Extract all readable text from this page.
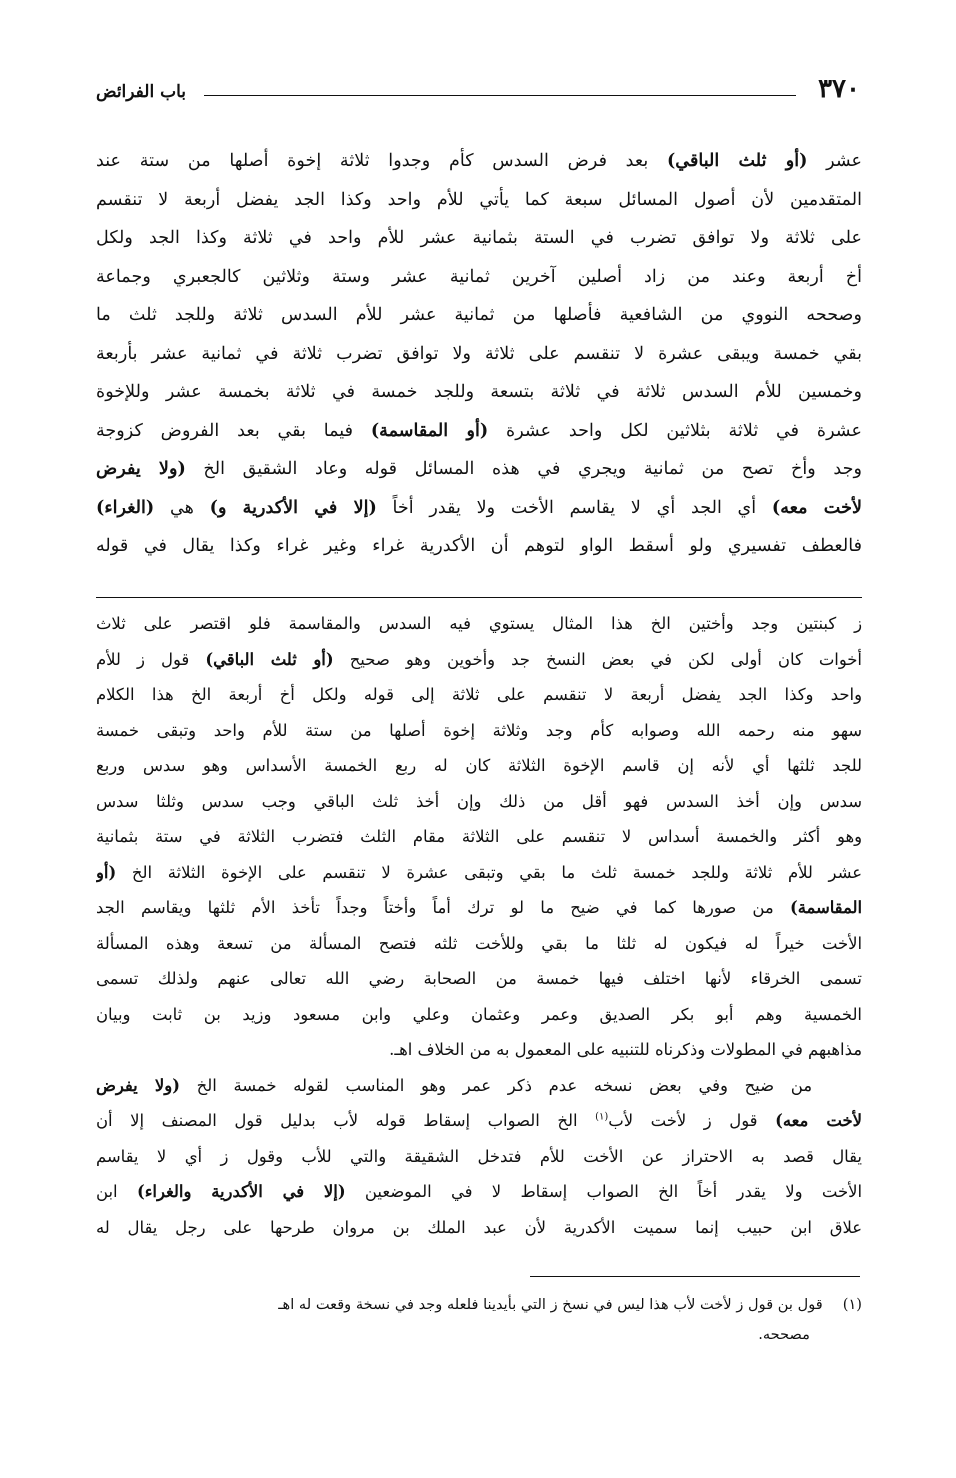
٣٧٠
باب الفرائض
عشر (أو ثلث الباقي) بعد فرض السدس كأم وجدوا ثلاثة إخوة أصلها من ستة عند
المتقدمين لأن أصول المسائل سبعة كما يأتي للأم واحد وكذا الجد يفضل أربعة لا تنقسم
على ثلاثة ولا توافق تضرب في الستة بثمانية عشر للأم واحد في ثلاثة وكذا الجد ولكل
أخ أربعة وعند من زاد أصلين آخرين ثمانية عشر وستة وثلاثين كالجعبري وجماعة
وصححه النووي من الشافعية فأصلها من ثمانية عشر للأم السدس ثلاثة وللجد ثلث ما
بقي خمسة ويبقى عشرة لا تنقسم على ثلاثة ولا توافق تضرب ثلاثة في ثمانية عشر بأربعة
وخمسين للأم السدس ثلاثة في ثلاثة بتسعة وللجد خمسة في ثلاثة بخمسة عشر وللإخوة
عشرة في ثلاثة بثلاثين لكل واحد عشرة (أو المقاسمة) فيما بقي بعد الفروض كزوجة
وجد وأخ تصح من ثمانية ويجري في هذه المسائل قوله وعاد الشقيق الخ (ولا يفرض
لأخت معه) أي الجد أي لا يقاسم الأخت ولا يقدر أخاً (إلا في الأكدرية و) هي (الغراء)
فالعطف تفسيري ولو أسقط الواو لتوهم أن الأكدرية غراء وغير غراء وكذا يقال في قوله
ز كبنتين وجد وأختين الخ هذا المثال يستوي فيه السدس والمقاسمة فلو اقتصر على ثلاث
أخوات كان أولى لكن في بعض النسخ جد وأخوين وهو صحيح (أو ثلث الباقي) قول ز للأم
واحد وكذا الجد يفضل أربعة لا تنقسم على ثلاثة إلى قوله ولكل أخ أربعة الخ هذا الكلام
سهو منه رحمه الله وصوابه كأم وجد وثلاثة إخوة أصلها من ستة للأم واحد وتبقى خمسة
للجد ثلثها أي لأنه إن قاسم الإخوة الثلاثة كان له ربع الخمسة الأسداس وهو سدس وربع
سدس وإن أخذ السدس فهو أقل من ذلك وإن أخذ ثلث الباقي وجب سدس وثلثا سدس
وهو أكثر والخمسة أسداس لا تنقسم على الثلاثة مقام الثلث فتضرب الثلاثة في ستة بثمانية
عشر للأم ثلاثة وللجد خمسة ثلث ما بقي وتبقى عشرة لا تنقسم على الإخوة الثلاثة الخ (أو
المقاسمة) من صورها كما في ضيح ما لو ترك أماً وأختاً وجداً تأخذ الأم ثلثها ويقاسم الجد
الأخت خيراً له فيكون له ثلثا ما بقي وللأخت ثلثه فتصح المسألة من تسعة وهذه المسألة
تسمى الخرقاء لأنها اختلف فيها خمسة من الصحابة رضي الله تعالى عنهم ولذلك تسمى
الخمسية وهم أبو بكر الصديق وعمر وعثمان وعلي وابن مسعود وزيد بن ثابت وبيان
مذاهبهم في المطولات وذكرناه للتنبيه على المعمول به من الخلاف اهـ.
من ضيح وفي بعض نسخه عدم ذكر عمر وهو المناسب لقوله خمسة الخ (ولا يفرض
لأخت معه) قول ز لأخت لأب$^{(١)}$ الخ الصواب إسقاط قوله لأب بدليل قول المصنف إلا أن
يقال قصد به الاحتراز عن الأخت للأم فتدخل الشقيقة والتي للأب وقول ز أي لا يقاسم
الأخت ولا يقدر أخاً الخ الصواب إسقاط لا في الموضعين (إلا في الأكدرية والغراء) ابن
علاق ابن حبيب إنما سميت الأكدرية لأن عبد الملك بن مروان طرحها على رجل يقال له
(١)قول بن قول ز لأخت لأب هذا ليس في نسخ ز التي بأيدينا فلعله وجد في نسخة وقعت له اهـ
مصححه.
